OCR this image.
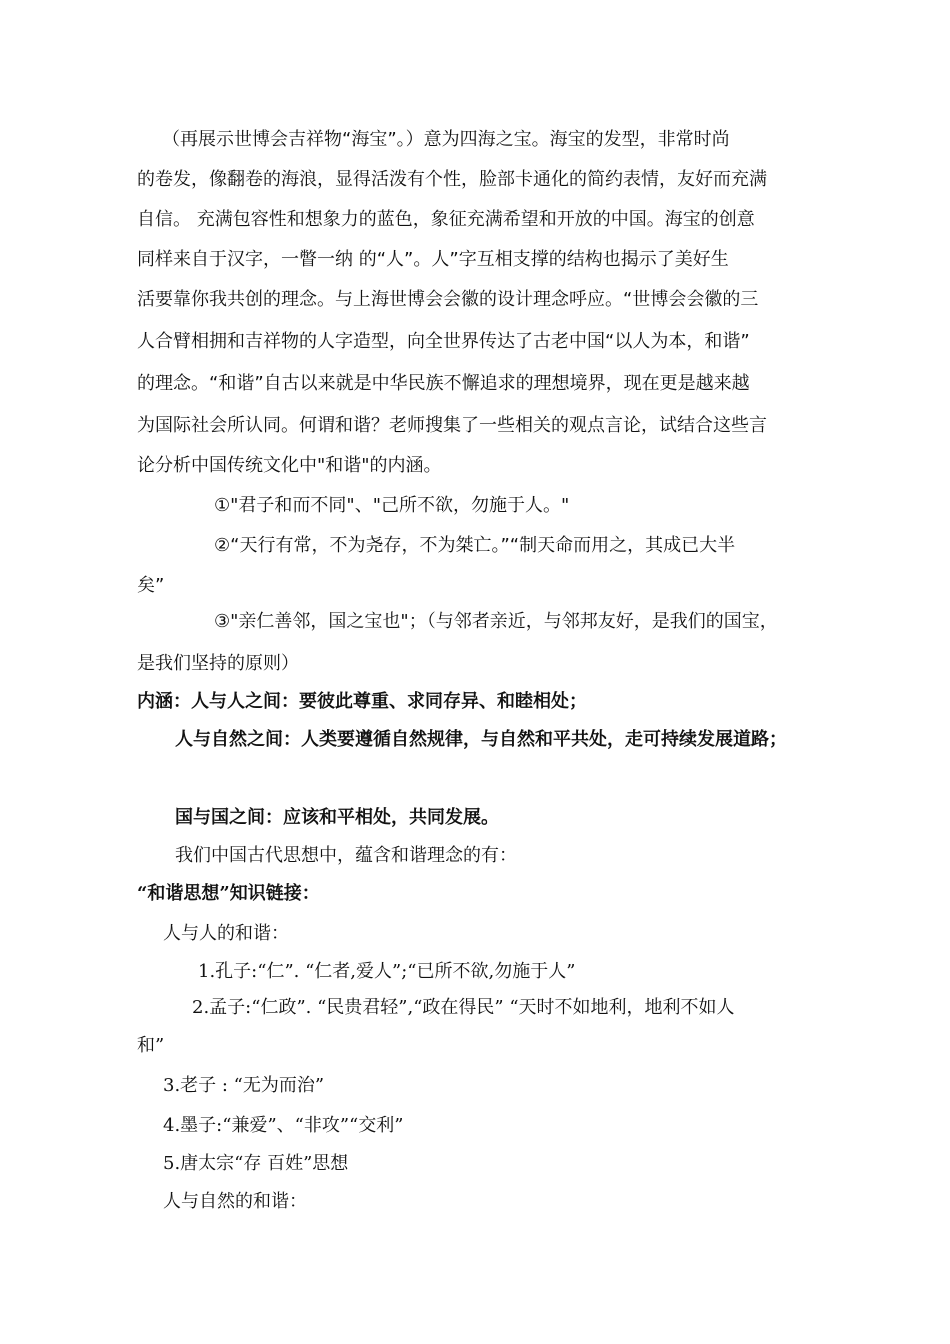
（再展示世博会吉祥物“海宝”。）意为四海之宝。海宝的发型，非常时尚
的卷发，像翻卷的海浪，显得活泼有个性，脸部卡通化的简约表情，友好而充满
自信。 充满包容性和想象力的蓝色，象征充满希望和开放的中国。海宝的创意
同样来自于汉字，一瞥一纳 的“人”。人”字互相支撑的结构也揭示了美好生
活要靠你我共创的理念。与上海世博会会徽的设计理念呼应。“世博会会徽的三
人合臂相拥和吉祥物的人字造型，向全世界传达了古老中国“以人为本，和谐”
的理念。“和谐”自古以来就是中华民族不懈追求的理想境界，现在更是越来越
为国际社会所认同。何谓和谐？老师搜集了一些相关的观点言论，试结合这些言
论分析中国传统文化中"和谐"的内涵。
①"君子和而不同"、"己所不欲，勿施于人。"
②“天行有常，不为尧存，不为桀亡。”“制天命而用之，其成已大半
矣”
③"亲仁善邻，国之宝也"；（与邻者亲近，与邻邦友好，是我们的国宝，
是我们坚持的原则）
内涵：人与人之间：要彼此尊重、求同存异、和睦相处；
人与自然之间：人类要遵循自然规律，与自然和平共处，走可持续发展道路；
国与国之间：应该和平相处，共同发展。
我们中国古代思想中，蕴含和谐理念的有：
“和谐思想”知识链接：
人与人的和谐：
1.孔子:“仁”. “仁者,爱人”;“已所不欲,勿施于人”
2.孟子:“仁政”. “民贵君轻”,“政在得民” “天时不如地利，地利不如人
和”
3.老子 : “无为而治”
4.墨子:“兼爱”、“非攻”“交利”
5.唐太宗“存 百姓”思想
人与自然的和谐：
